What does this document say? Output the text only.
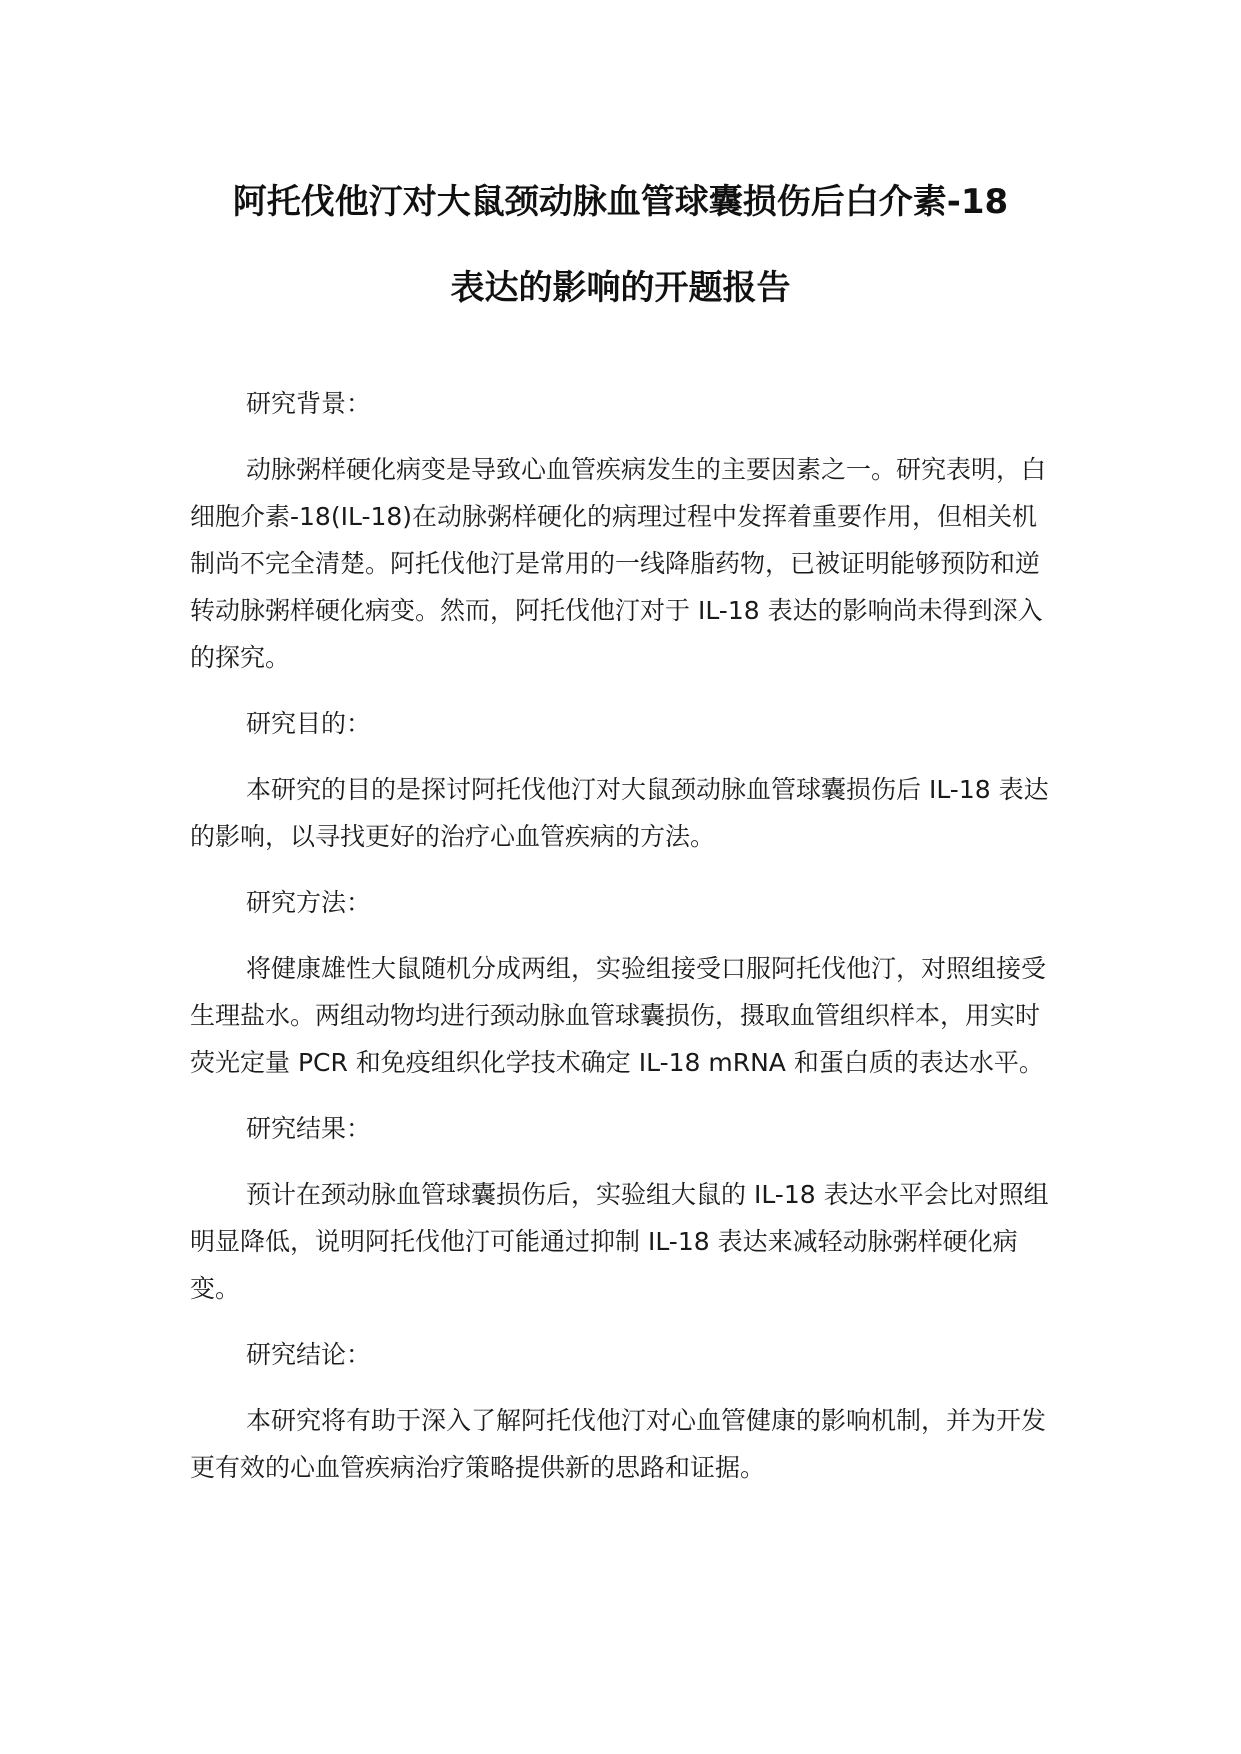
阿托伐他汀对大鼠颈动脉血管球囊损伤后白介素-18
表达的影响的开题报告
研究背景：
动脉粥样硬化病变是导致心血管疾病发生的主要因素之一。研究表明，白细胞介素-18(IL-18)在动脉粥样硬化的病理过程中发挥着重要作用，但相关机制尚不完全清楚。阿托伐他汀是常用的一线降脂药物，已被证明能够预防和逆转动脉粥样硬化病变。然而，阿托伐他汀对于 IL-18 表达的影响尚未得到深入的探究。
研究目的：
本研究的目的是探讨阿托伐他汀对大鼠颈动脉血管球囊损伤后 IL-18 表达的影响，以寻找更好的治疗心血管疾病的方法。
研究方法：
将健康雄性大鼠随机分成两组，实验组接受口服阿托伐他汀，对照组接受生理盐水。两组动物均进行颈动脉血管球囊损伤，摄取血管组织样本，用实时荧光定量 PCR 和免疫组织化学技术确定 IL-18 mRNA 和蛋白质的表达水平。
研究结果：
预计在颈动脉血管球囊损伤后，实验组大鼠的 IL-18 表达水平会比对照组明显降低，说明阿托伐他汀可能通过抑制 IL-18 表达来减轻动脉粥样硬化病变。
研究结论：
本研究将有助于深入了解阿托伐他汀对心血管健康的影响机制，并为开发更有效的心血管疾病治疗策略提供新的思路和证据。
